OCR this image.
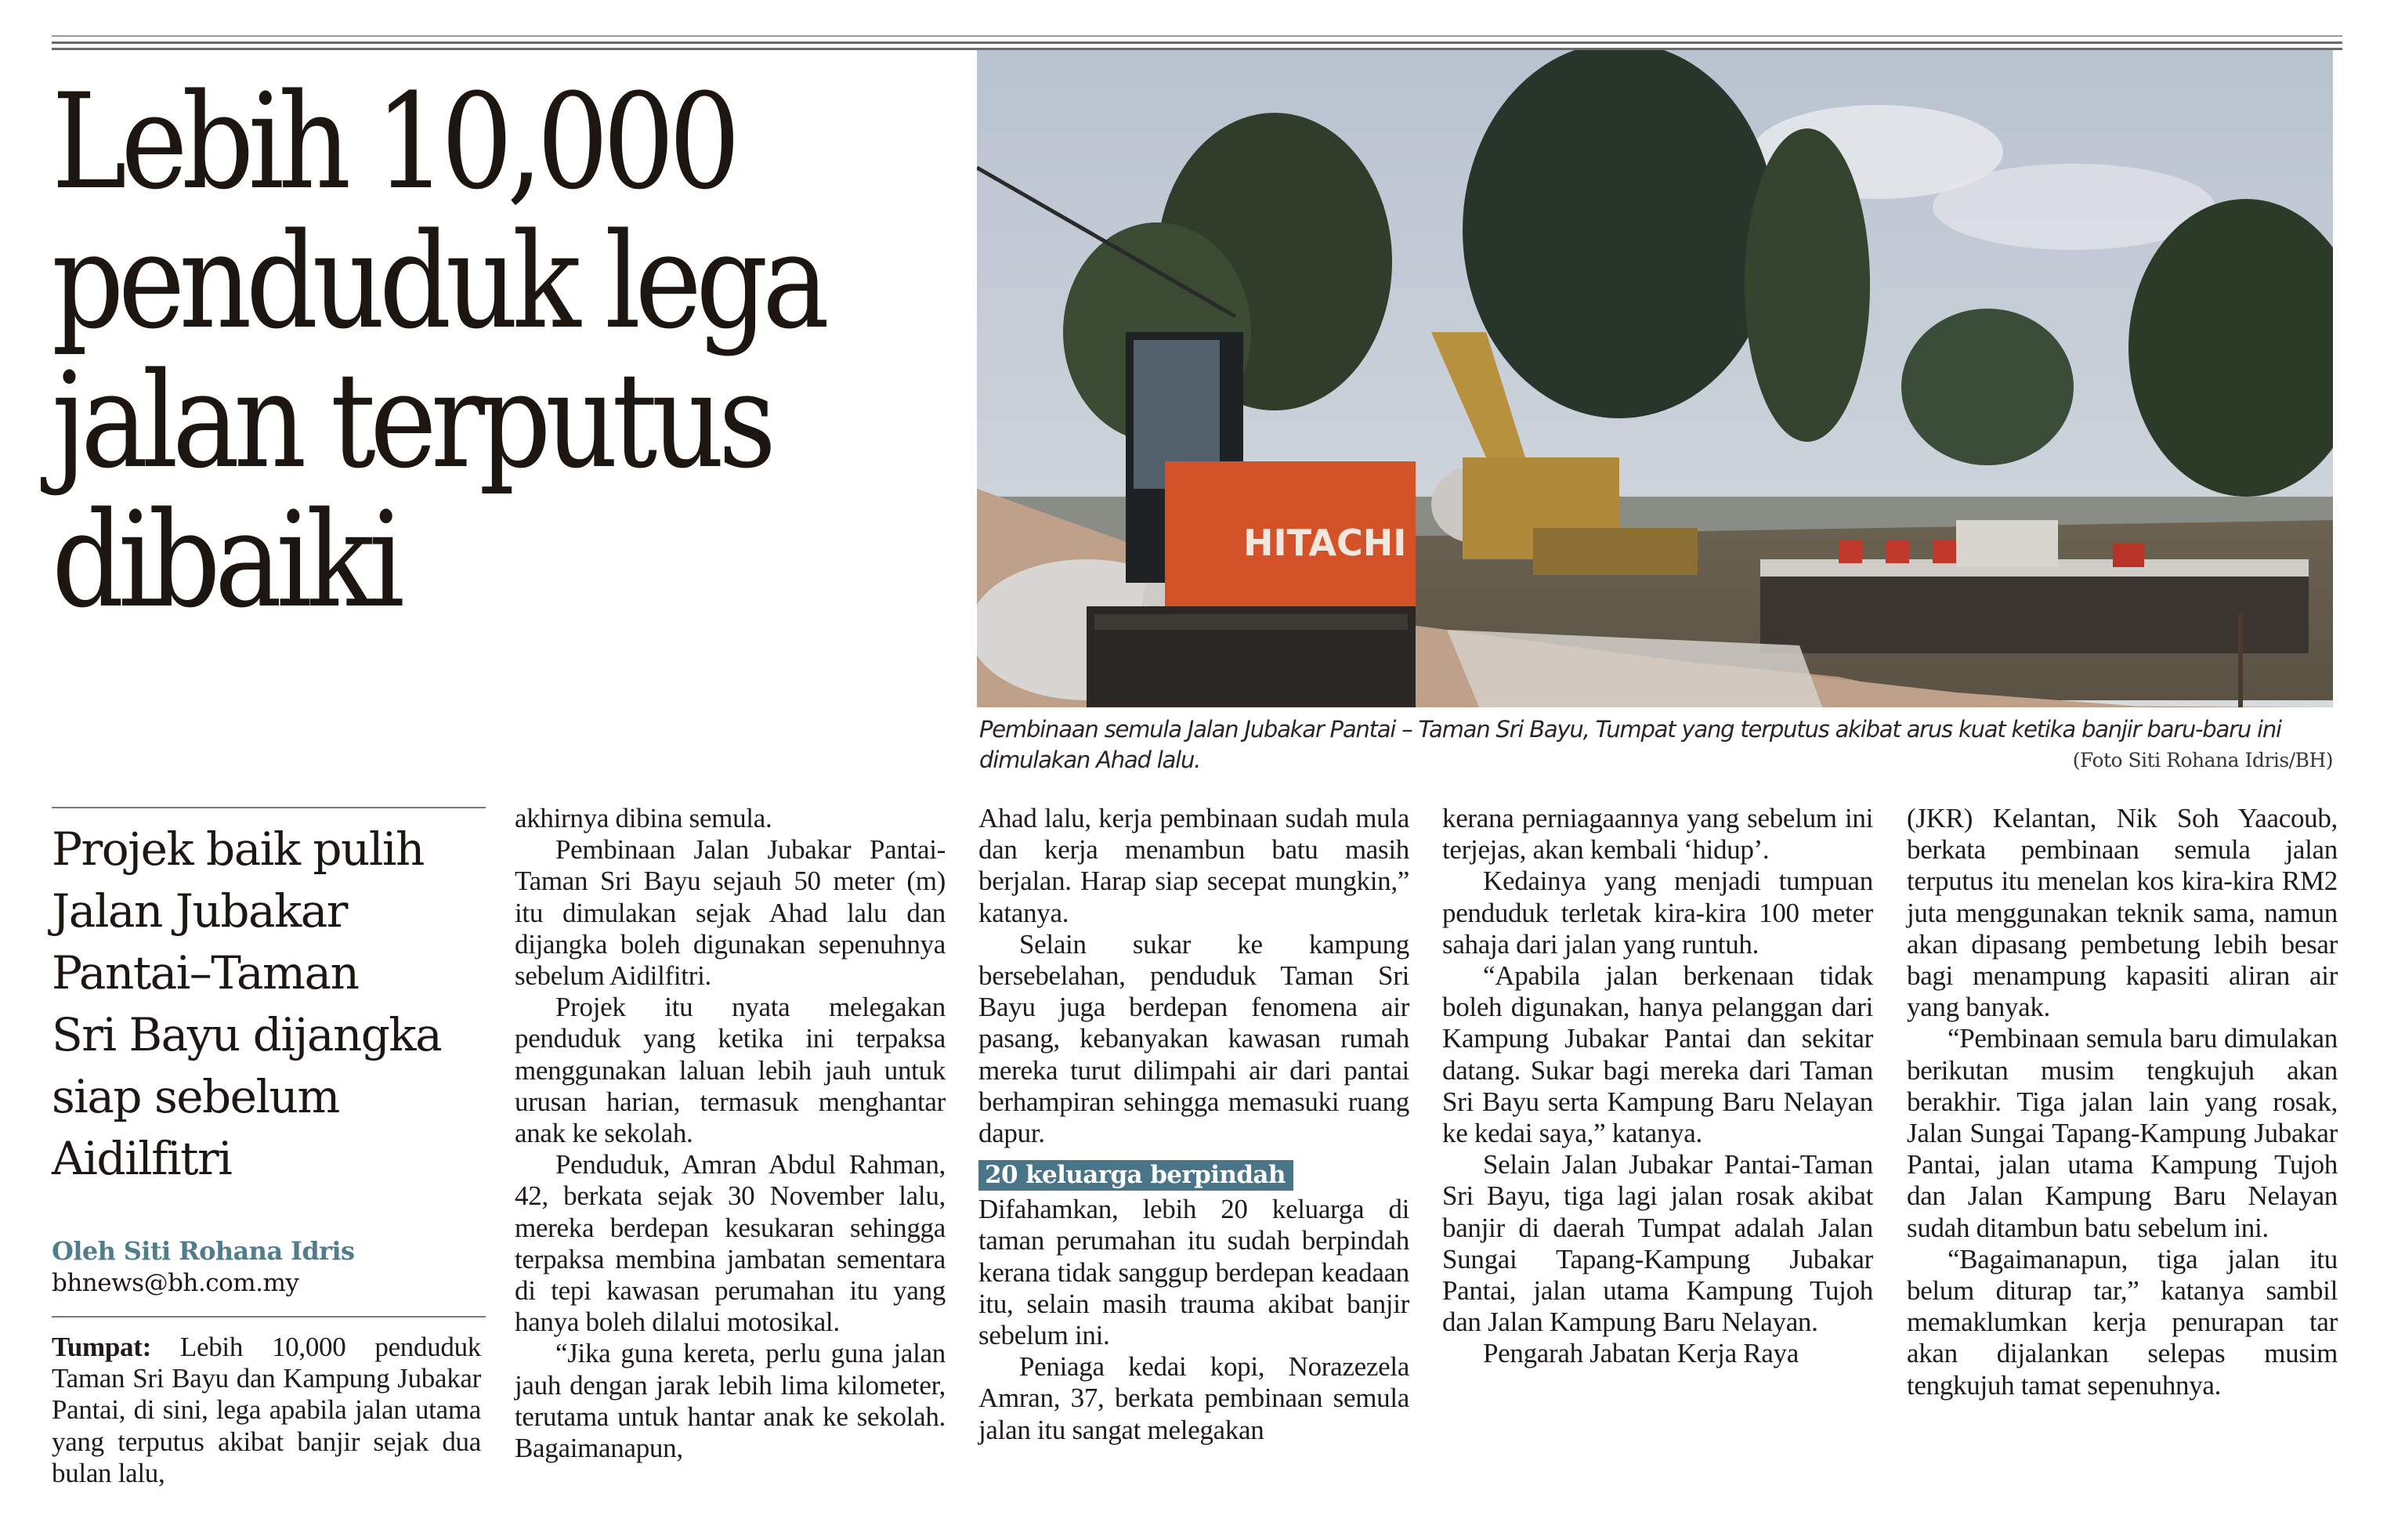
Lebih 10,000
penduduk lega
jalan terputus
dibaiki	HITACHI
Pembinaan semula Jalan Jubakar Pantai – Taman Sri Bayu, Tumpat yang terputus akibat arus kuat ketika banjir baru-baru ini dimulakan Ahad lalu.	(Foto Siti Rohana Idris/BH)
Projek baik pulih
Jalan Jubakar
Pantai–Taman
Sri Bayu dijangka
siap sebelum
Aidilfitri
Oleh Siti Rohana Idris
bhnews@bh.com.my

Tumpat: Lebih 10,000 penduduk Taman Sri Bayu dan Kampung Jubakar Pantai, di sini, lega apabila jalan utama yang terputus akibat banjir sejak dua bulan lalu,

akhirnya dibina semula.

Pembinaan Jalan Jubakar Pantai-Taman Sri Bayu sejauh 50 meter (m) itu dimulakan sejak Ahad lalu dan dijangka boleh digunakan sepenuhnya sebelum Aidilfitri.

Projek itu nyata melegakan penduduk yang ketika ini terpaksa menggunakan laluan lebih jauh untuk urusan harian, termasuk menghantar anak ke sekolah.

Penduduk, Amran Abdul Rahman, 42, berkata sejak 30 November lalu, mereka berdepan kesukaran sehingga terpaksa membina jambatan sementara di tepi kawasan perumahan itu yang hanya boleh dilalui motosikal.

“Jika guna kereta, perlu guna jalan jauh dengan jarak lebih lima kilometer, terutama untuk hantar anak ke sekolah. Bagaimanapun,

Ahad lalu, kerja pembinaan sudah mula dan kerja menambun batu masih berjalan. Harap siap secepat mungkin,” katanya.

Selain sukar ke kampung bersebelahan, penduduk Taman Sri Bayu juga berdepan fenomena air pasang, kebanyakan kawasan rumah mereka turut dilimpahi air dari pantai berhampiran sehingga memasuki ruang dapur.

20 keluarga berpindah

Difahamkan, lebih 20 keluarga di taman perumahan itu sudah berpindah kerana tidak sanggup berdepan keadaan itu, selain masih trauma akibat banjir sebelum ini.

Peniaga kedai kopi, Norazezela Amran, 37, berkata pembinaan semula jalan itu sangat melegakan

kerana perniagaannya yang sebelum ini terjejas, akan kembali ‘hidup’.

Kedainya yang menjadi tumpuan penduduk terletak kira-kira 100 meter sahaja dari jalan yang runtuh.

“Apabila jalan berkenaan tidak boleh digunakan, hanya pelanggan dari Kampung Jubakar Pantai dan sekitar datang. Sukar bagi mereka dari Taman Sri Bayu serta Kampung Baru Nelayan ke kedai saya,” katanya.

Selain Jalan Jubakar Pantai-Taman Sri Bayu, tiga lagi jalan rosak akibat banjir di daerah Tumpat adalah Jalan Sungai Tapang-Kampung Jubakar Pantai, jalan utama Kampung Tujoh dan Jalan Kampung Baru Nelayan.

Pengarah Jabatan Kerja Raya

(JKR) Kelantan, Nik Soh Yaacoub, berkata pembinaan semula jalan terputus itu menelan kos kira-kira RM2 juta menggunakan teknik sama, namun akan dipasang pembetung lebih besar bagi menampung kapasiti aliran air yang banyak.

“Pembinaan semula baru dimulakan berikutan musim tengkujuh akan berakhir. Tiga jalan lain yang rosak, Jalan Sungai Tapang-Kampung Jubakar Pantai, jalan utama Kampung Tujoh dan Jalan Kampung Baru Nelayan sudah ditambun batu sebelum ini.

“Bagaimanapun, tiga jalan itu belum diturap tar,” katanya sambil memaklumkan kerja penurapan tar akan dijalankan selepas musim tengkujuh tamat sepenuhnya.
